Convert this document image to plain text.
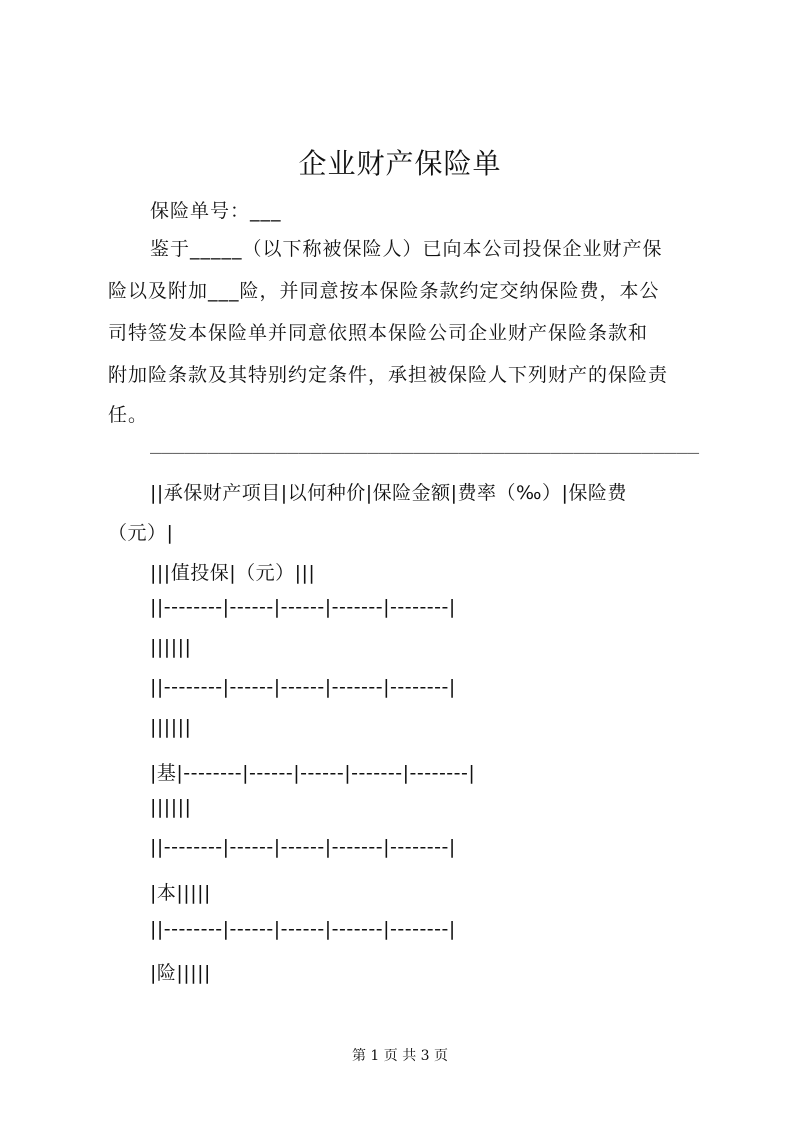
企业财产保险单
保险单号：___
鉴于_____（以下称被保险人）已向本公司投保企业财产保
险以及附加___险，并同意按本保险条款约定交纳保险费，本公
司特签发本保险单并同意依照本保险公司企业财产保险条款和
附加险条款及其特别约定条件，承担被保险人下列财产的保险责
任。
________________________________________________
||承保财产项目|以何种价|保险金额|费率（‰）|保险费
（元）|
|||值投保|（元）|||
||--------|------|------|-------|--------|
||||||
||--------|------|------|-------|--------|
||||||
|基|--------|------|------|-------|--------|
||||||
||--------|------|------|-------|--------|
|本|||||
||--------|------|------|-------|--------|
|险|||||
第 1 页 共 3 页
